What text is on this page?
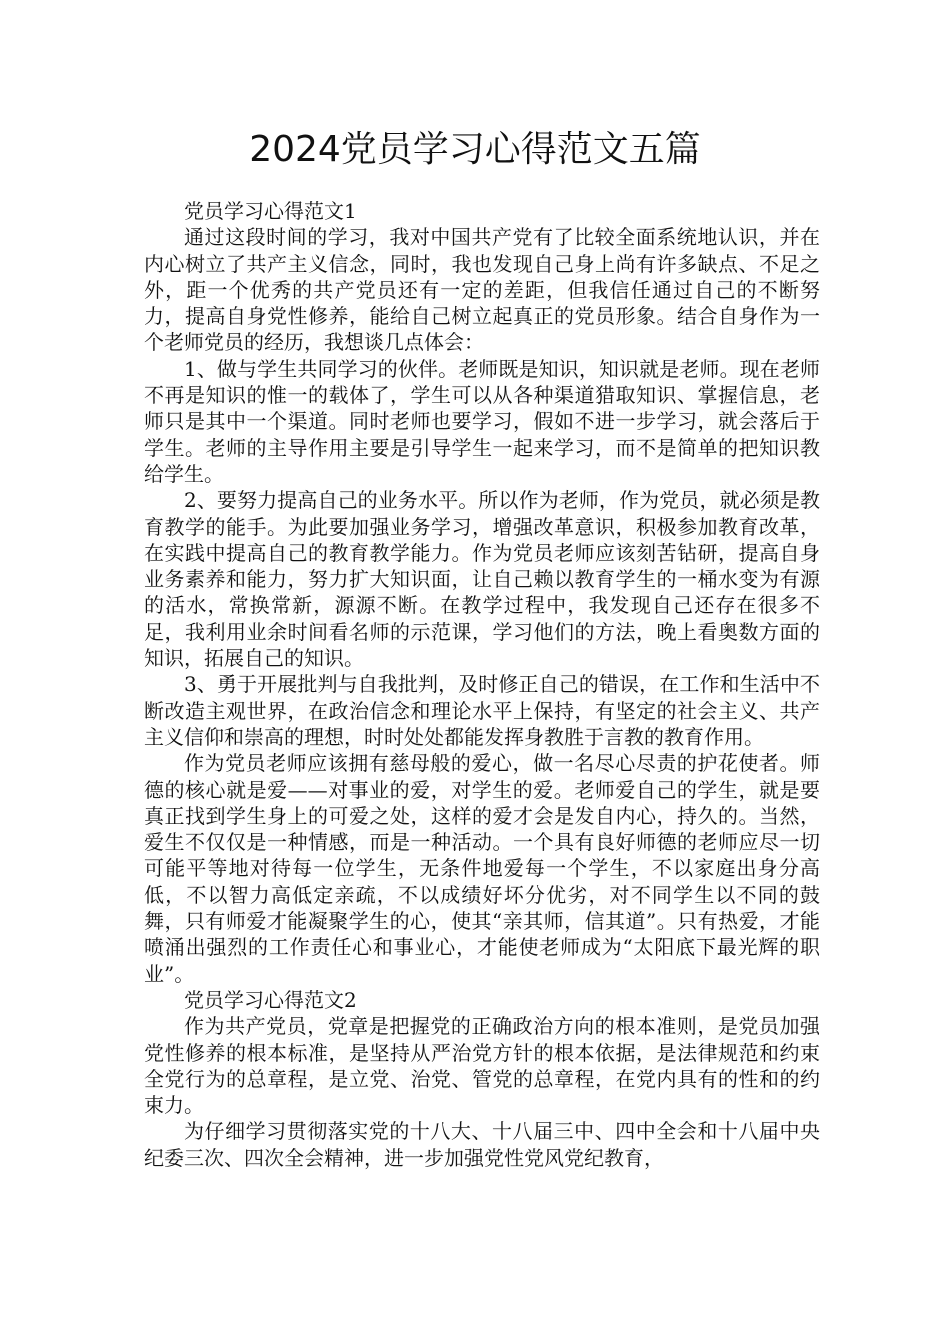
2024党员学习心得范文五篇

党员学习心得范文1

通过这段时间的学习，我对中国共产党有了比较全面系统地认识，并在内心树立了共产主义信念，同时，我也发现自己身上尚有许多缺点、不足之外，距一个优秀的共产党员还有一定的差距，但我信任通过自己的不断努力，提高自身党性修养，能给自己树立起真正的党员形象。结合自身作为一个老师党员的经历，我想谈几点体会：

1、做与学生共同学习的伙伴。老师既是知识，知识就是老师。现在老师不再是知识的惟一的载体了，学生可以从各种渠道猎取知识、掌握信息，老师只是其中一个渠道。同时老师也要学习，假如不进一步学习，就会落后于学生。老师的主导作用主要是引导学生一起来学习，而不是简单的把知识教给学生。

2、要努力提高自己的业务水平。所以作为老师，作为党员，就必须是教育教学的能手。为此要加强业务学习，增强改革意识，积极参加教育改革，在实践中提高自己的教育教学能力。作为党员老师应该刻苦钻研，提高自身业务素养和能力，努力扩大知识面，让自己赖以教育学生的一桶水变为有源的活水，常换常新，源源不断。在教学过程中，我发现自己还存在很多不足，我利用业余时间看名师的示范课，学习他们的方法，晚上看奥数方面的知识，拓展自己的知识。

3、勇于开展批判与自我批判，及时修正自己的错误，在工作和生活中不断改造主观世界，在政治信念和理论水平上保持，有坚定的社会主义、共产主义信仰和崇高的理想，时时处处都能发挥身教胜于言教的教育作用。

作为党员老师应该拥有慈母般的爱心，做一名尽心尽责的护花使者。师德的核心就是爱——对事业的爱，对学生的爱。老师爱自己的学生，就是要真正找到学生身上的可爱之处，这样的爱才会是发自内心，持久的。当然，爱生不仅仅是一种情感，而是一种活动。一个具有良好师德的老师应尽一切可能平等地对待每一位学生，无条件地爱每一个学生，不以家庭出身分高低，不以智力高低定亲疏，不以成绩好坏分优劣，对不同学生以不同的鼓舞，只有师爱才能凝聚学生的心，使其“亲其师，信其道”。只有热爱，才能喷涌出强烈的工作责任心和事业心，才能使老师成为“太阳底下最光辉的职业”。

党员学习心得范文2

作为共产党员，党章是把握党的正确政治方向的根本准则，是党员加强党性修养的根本标准，是坚持从严治党方针的根本依据，是法律规范和约束全党行为的总章程，是立党、治党、管党的总章程，在党内具有的性和的约束力。

为仔细学习贯彻落实党的十八大、十八届三中、四中全会和十八届中央纪委三次、四次全会精神，进一步加强党性党风党纪教育，
